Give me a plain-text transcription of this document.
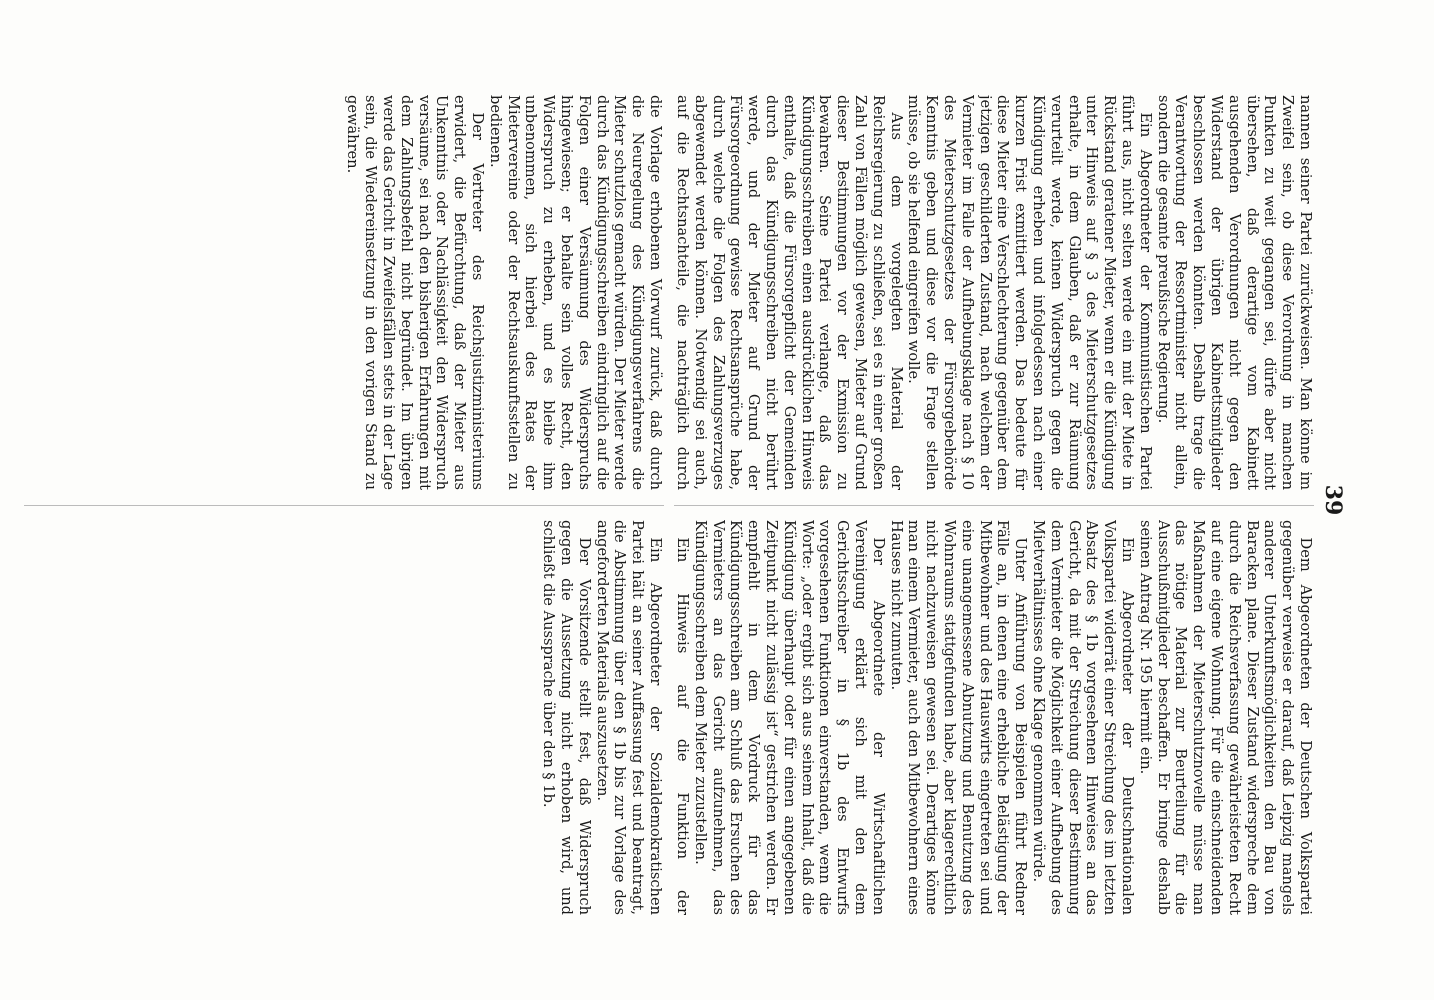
39

nannen seiner Partei zurückweisen. Man könne im Zweifel sein, ob diese Verordnung in manchen Punkten zu weit gegangen sei, dürfe aber nicht übersehen, daß derartige vom Kabinett ausgehenden Verordnungen nicht gegen den Widerstand der übrigen Kabinettsmitglieder beschlossen werden könnten. Deshalb trage die Verantwortung der Ressortminister nicht allein, sondern die gesamte preußische Regierung.

Ein Abgeordneter der Kommunistischen Partei führt aus, nicht selten werde ein mit der Miete in Rückstand geratener Mieter, wenn er die Kündigung unter Hinweis auf § 3 des Mieterschutzgesetzes erhalte, in dem Glauben, daß er zur Räumung verurteilt werde, keinen Widerspruch gegen die Kündigung erheben und infolgedessen nach einer kurzen Frist exmittiert werden. Das bedeute für diese Mieter eine Verschlechterung gegenüber dem jetzigen geschilderten Zustand, nach welchem der Vermieter im Falle der Aufhebungsklage nach § 10 des Mieterschutzgesetzes der Fürsorgebehörde Kenntnis geben und diese vor die Frage stellen müsse, ob sie helfend eingreifen wolle.

Aus dem vorgelegten Material der Reichsregierung zu schließen, sei es in einer großen Zahl von Fällen möglich gewesen, Mieter auf Grund dieser Bestimmungen vor der Exmission zu bewahren. Seine Partei verlange, daß das Kündigungsschreiben einen ausdrücklichen Hinweis enthalte, daß die Fürsorgepflicht der Gemeinden durch das Kündigungsschreiben nicht berührt werde, und der Mieter auf Grund der Fürsorgeordnung gewisse Rechtsansprüche habe, durch welche die Folgen des Zahlungsverzuges abgewendet werden können. Notwendig sei auch, auf die Rechtsnachteile, die nachträglich durch

Dem Abgeordneten der Deutschen Volkspartei gegenüber verweise er darauf, daß Leipzig mangels anderer Unterkunftsmöglichkeiten den Bau von Baracken plane. Dieser Zustand widerspreche dem durch die Reichsverfassung gewährleisteten Recht auf eine eigene Wohnung. Für die einschneidenden Maßnahmen der Mieterschutznovelle müsse man das nötige Material zur Beurteilung für die Ausschußmitglieder beschaffen. Er bringe deshalb seinen Antrag Nr. 195 hiermit ein.

Ein Abgeordneter der Deutschnationalen Volkspartei widerrät einer Streichung des im letzten Absatz des § 1b vorgesehenen Hinweises an das Gericht, da mit der Streichung dieser Bestimmung dem Vermieter die Möglichkeit einer Aufhebung des Mietverhältnisses ohne Klage genommen würde.

Unter Anführung von Beispielen führt Redner Fälle an, in denen eine erhebliche Belästigung der Mitbewohner und des Hauswirts eingetreten sei und eine unangemessene Abnutzung und Benutzung des Wohnraums stattgefunden habe, aber klagerechtlich nicht nachzuweisen gewesen sei. Derartiges könne man einem Vermieter, auch den Mitbewohnern eines Hauses nicht zumuten.

Der Abgeordnete der Wirtschaftlichen Vereinigung erklärt sich mit den dem Gerichtsschreiber in § 1b des Entwurfs vorgesehenen Funktionen einverstanden, wenn die Worte: „oder ergibt sich aus seinem Inhalt, daß die Kündigung überhaupt oder für einen angegebenen Zeitpunkt nicht zulässig ist“ gestrichen werden. Er empfiehlt in dem Vordruck für das Kündigungsschreiben am Schluß das Ersuchen des Vermieters an das Gericht aufzunehmen, das Kündigungsschreiben dem Mieter zuzustellen.

Ein Hinweis auf die Funktion der

die Vorlage erhobenen Vorwurf zurück, daß durch die Neuregelung des Kündigungsverfahrens die Mieter schutzlos gemacht würden. Der Mieter werde durch das Kündigungsschreiben eindringlich auf die Folgen einer Versäumung des Widerspruchs hingewiesen; er behalte sein volles Recht, den Widerspruch zu erheben, und es bleibe ihm unbenommen, sich hierbei des Rates der Mietervereine oder der Rechtsauskunftsstellen zu bedienen.

Der Vertreter des Reichsjustizministeriums erwidert, die Befürchtung, daß der Mieter aus Unkenntnis oder Nachlässigkeit den Widerspruch versäume, sei nach den bisherigen Erfahrungen mit dem Zahlungsbefehl nicht begründet. Im übrigen werde das Gericht in Zweifelsfällen stets in der Lage sein, die Wiedereinsetzung in den vorigen Stand zu gewähren.

Ein Abgeordneter der Sozialdemokratischen Partei hält an seiner Auffassung fest und beantragt, die Abstimmung über den § 1b bis zur Vorlage des angeforderten Materials auszusetzen.

Der Vorsitzende stellt fest, daß Widerspruch gegen die Aussetzung nicht erhoben wird, und schließt die Aussprache über den § 1b.
